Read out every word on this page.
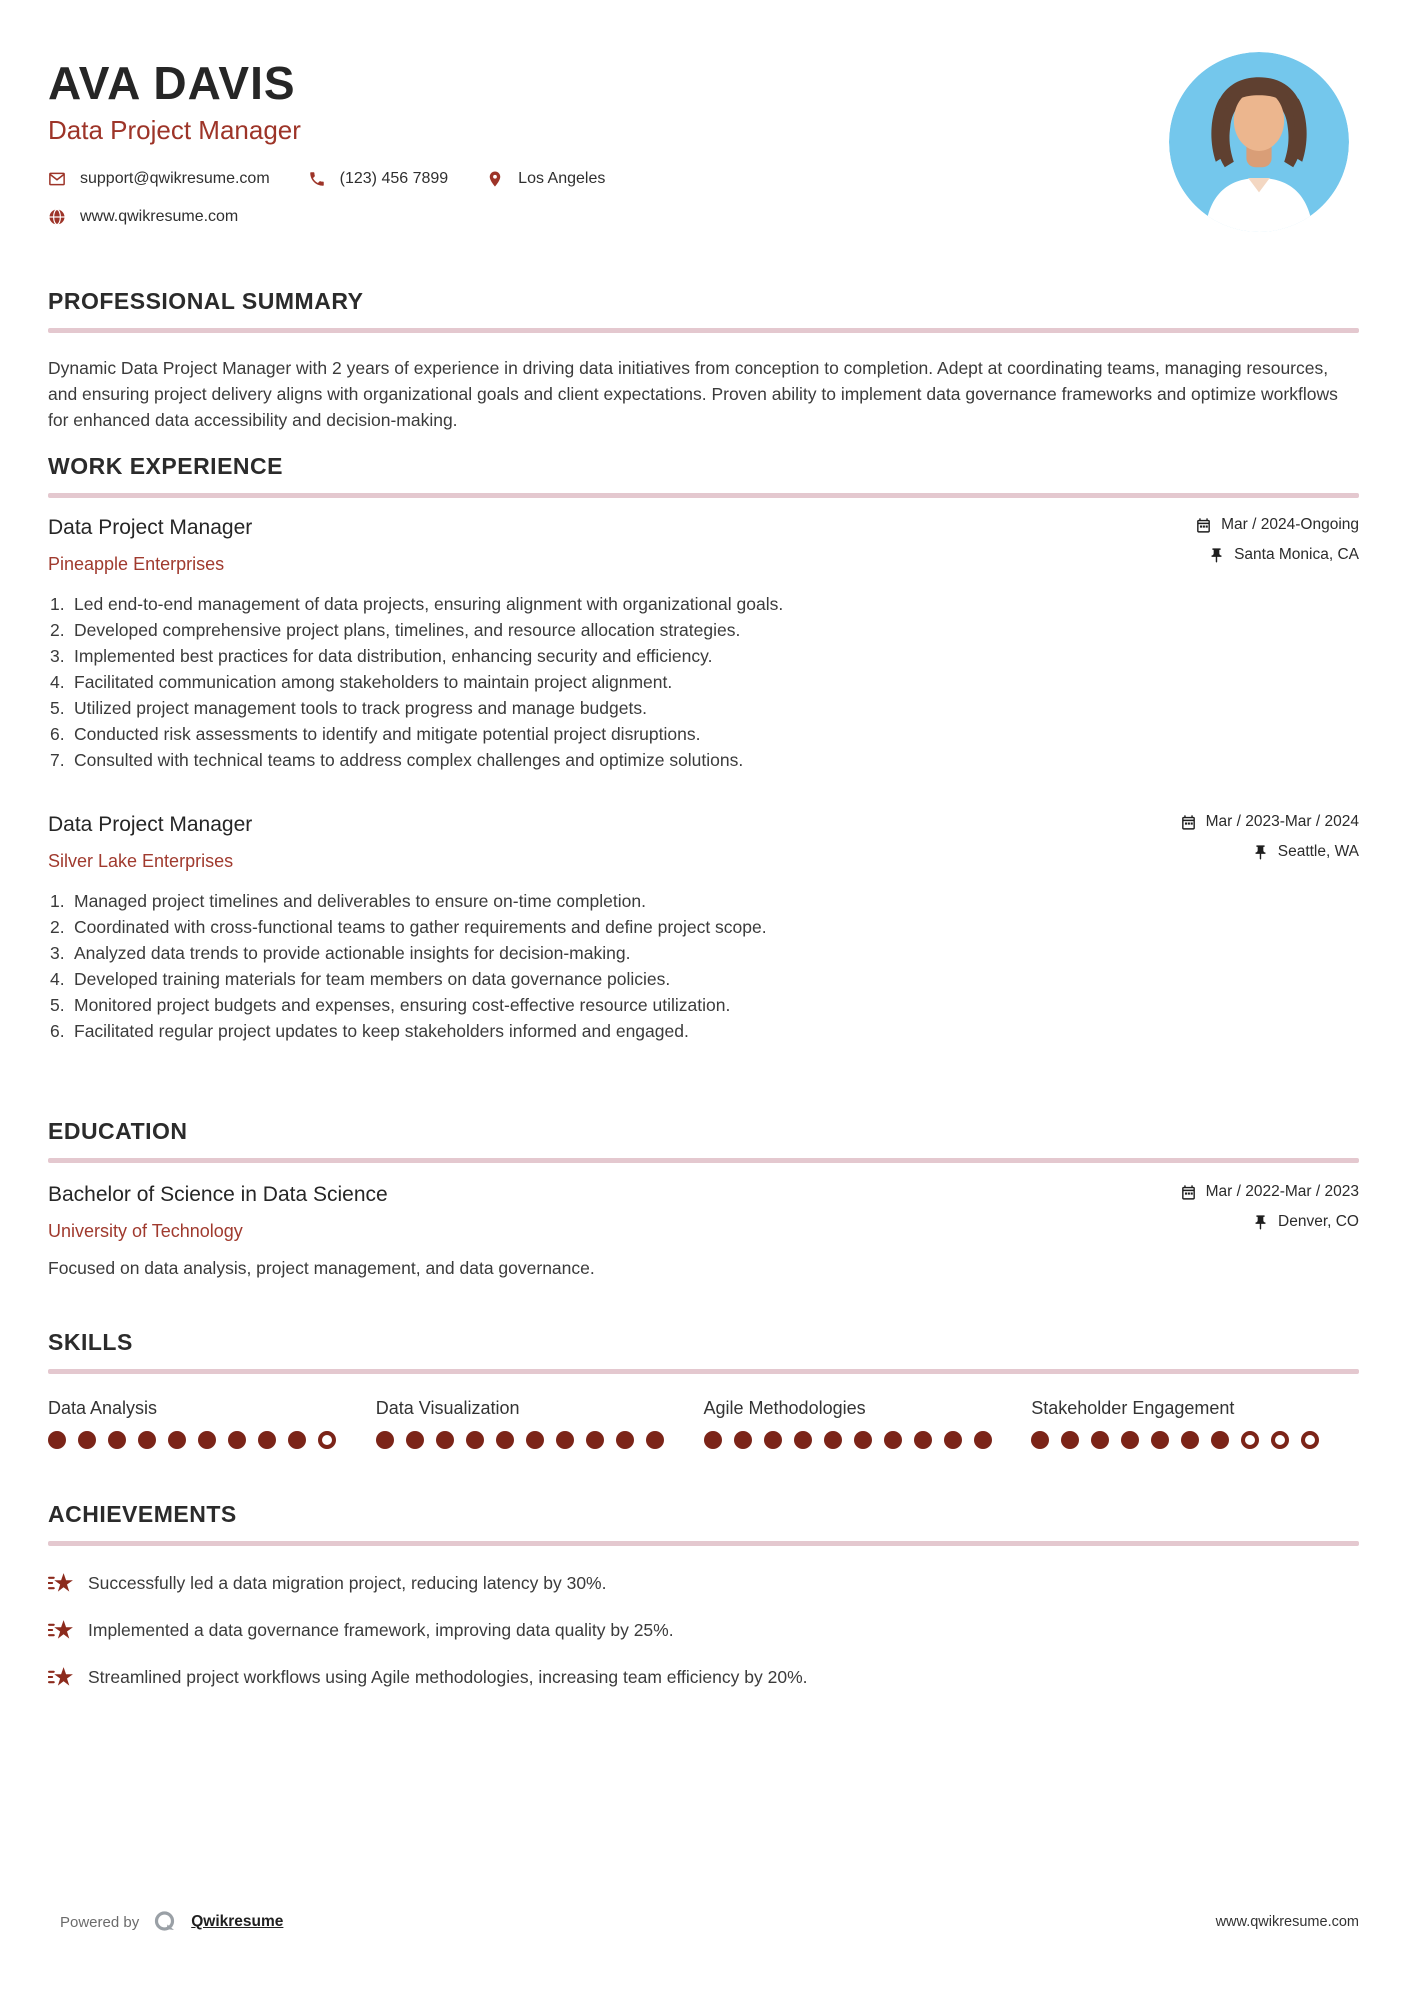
AVA DAVIS
Data Project Manager
support@qwikresume.com	(123) 456 7899	Los Angeles
www.qwikresume.com
PROFESSIONAL SUMMARY

Dynamic Data Project Manager with 2 years of experience in driving data initiatives from conception to completion. Adept at coordinating teams, managing resources, and ensuring project delivery aligns with organizational goals and client expectations. Proven ability to implement data governance frameworks and optimize workflows for enhanced data accessibility and decision-making.

WORK EXPERIENCE
Data Project Manager
Pineapple Enterprises
Mar / 2024-Ongoing
Santa Monica, CA
Led end-to-end management of data projects, ensuring alignment with organizational goals.
Developed comprehensive project plans, timelines, and resource allocation strategies.
Implemented best practices for data distribution, enhancing security and efficiency.
Facilitated communication among stakeholders to maintain project alignment.
Utilized project management tools to track progress and manage budgets.
Conducted risk assessments to identify and mitigate potential project disruptions.
Consulted with technical teams to address complex challenges and optimize solutions.
Data Project Manager
Silver Lake Enterprises
Mar / 2023-Mar / 2024
Seattle, WA
Managed project timelines and deliverables to ensure on-time completion.
Coordinated with cross-functional teams to gather requirements and define project scope.
Analyzed data trends to provide actionable insights for decision-making.
Developed training materials for team members on data governance policies.
Monitored project budgets and expenses, ensuring cost-effective resource utilization.
Facilitated regular project updates to keep stakeholders informed and engaged.
EDUCATION
Bachelor of Science in Data Science
University of Technology
Mar / 2022-Mar / 2023
Denver, CO
Focused on data analysis, project management, and data governance.
SKILLS
Data Analysis	Data Visualization	Agile Methodologies	Stakeholder Engagement
ACHIEVEMENTS
Successfully led a data migration project, reducing latency by 30%.
Implemented a data governance framework, improving data quality by 25%.
Streamlined project workflows using Agile methodologies, increasing team efficiency by 20%.
Powered by	Qwikresume	www.qwikresume.com
